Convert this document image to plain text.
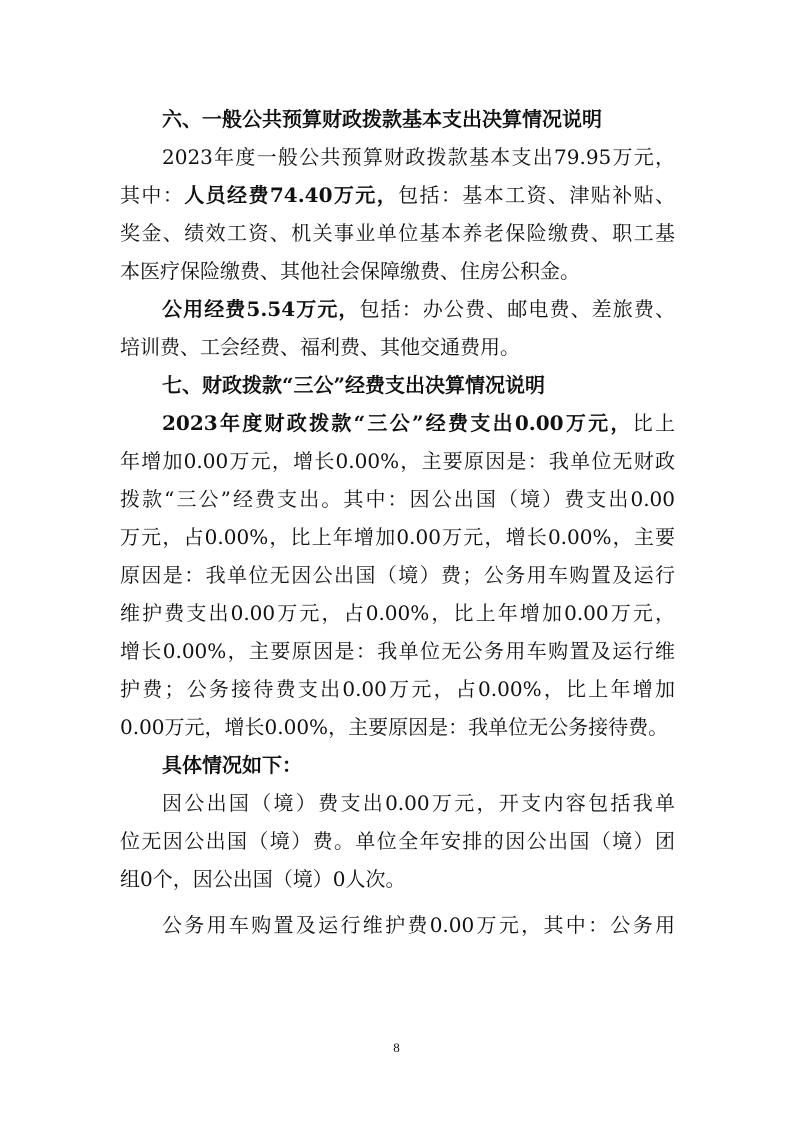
六、一般公共预算财政拨款基本支出决算情况说明
2023年度一般公共预算财政拨款基本支出79.95万元，
其中：人员经费74.40万元，包括：基本工资、津贴补贴、
奖金、绩效工资、机关事业单位基本养老保险缴费、职工基
本医疗保险缴费、其他社会保障缴费、住房公积金。
公用经费5.54万元，包括：办公费、邮电费、差旅费、
培训费、工会经费、福利费、其他交通费用。
七、财政拨款“三公”经费支出决算情况说明
2023年度财政拨款“三公”经费支出0.00万元，比上
年增加0.00万元，增长0.00%，主要原因是：我单位无财政
拨款“三公”经费支出。其中：因公出国（境）费支出0.00
万元，占0.00%，比上年增加0.00万元，增长0.00%，主要
原因是：我单位无因公出国（境）费；公务用车购置及运行
维护费支出0.00万元，占0.00%，比上年增加0.00万元，
增长0.00%，主要原因是：我单位无公务用车购置及运行维
护费；公务接待费支出0.00万元，占0.00%，比上年增加
0.00万元，增长0.00%，主要原因是：我单位无公务接待费。
具体情况如下：
因公出国（境）费支出0.00万元，开支内容包括我单
位无因公出国（境）费。单位全年安排的因公出国（境）团
组0个，因公出国（境）0人次。
公务用车购置及运行维护费0.00万元，其中：公务用
8
